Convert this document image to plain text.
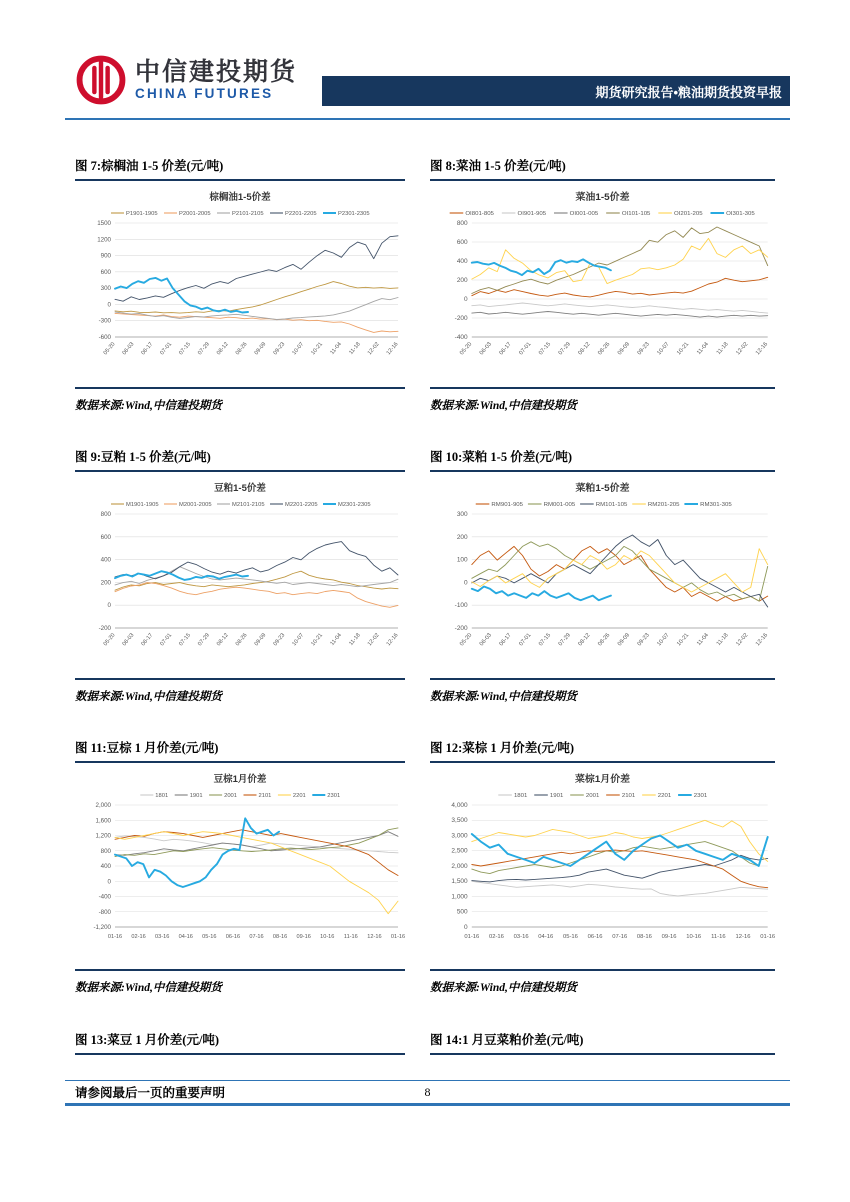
中信建投期货
CHINA FUTURES	期货研究报告•粮油期货投资早报
图 7:棕榈油 1-5 价差(元/吨)
棕榈油1-5价差
P1901-1905	P2001-2005	P2101-2105	P2201-2205	P2301-2305
1500
1200
900
600
300
0
-300
-600
05-20 06-03 06-17 07-01 07-15 07-29 08-12 08-26 09-09 09-23 10-07 10-21 11-04 11-18 12-02 12-16
数据来源:Wind,中信建投期货
图 8:菜油 1-5 价差(元/吨)
菜油1-5价差
OI801-805	OI901-905	OI001-005	OI101-105	OI201-205	OI301-305
800
600
400
200
0
-200
-400
05-20 06-03 06-17 07-01 07-15 07-29 08-12 08-26 09-09 09-23 10-07 10-21 11-04 11-18 12-02 12-16
数据来源:Wind,中信建投期货
图 9:豆粕 1-5 价差(元/吨)
豆粕1-5价差
M1901-1905	M2001-2005	M2101-2105	M2201-2205	M2301-2305
800
600
400
200
0
-200
05-20 06-03 06-17 07-01 07-15 07-29 08-12 08-26 09-09 09-23 10-07 10-21 11-04 11-18 12-02 12-16
数据来源:Wind,中信建投期货
图 10:菜粕 1-5 价差(元/吨)
菜粕1-5价差
RM901-905	RM001-005	RM101-105	RM201-205	RM301-305
300
200
100
0
-100
-200
05-20 06-03 06-17 07-01 07-15 07-29 08-12 08-26 09-09 09-23 10-07 10-21 11-04 11-18 12-02 12-16
数据来源:Wind,中信建投期货
图 11:豆棕 1 月价差(元/吨)
豆棕1月价差
1801	1901	2001	2101	2201	2301
2,000
1,600
1,200
800
400
0
-400
-800
-1,200
01-16 02-16 03-16 04-16 05-16 06-16 07-16 08-16 09-16 10-16 11-16 12-16 01-16
数据来源:Wind,中信建投期货
图 12:菜棕 1 月价差(元/吨)
菜棕1月价差
1801	1901	2001	2101	2201	2301
4,000
3,500
3,000
2,500
2,000
1,500
1,000
500
0
01-16 02-16 03-16 04-16 05-16 06-16 07-16 08-16 09-16 10-16 11-16 12-16 01-16
数据来源:Wind,中信建投期货
图 13:菜豆 1 月价差(元/吨)	图 14:1 月豆菜粕价差(元/吨)
请参阅最后一页的重要声明	8
